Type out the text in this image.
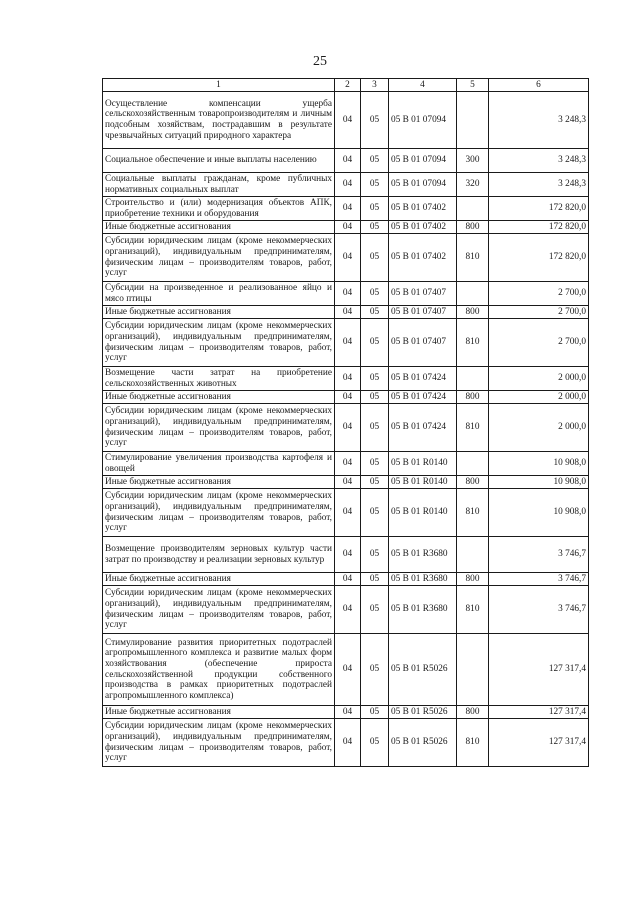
25
1	2	3	4	5	6
Осуществление компенсации ущерба сельскохозяйственным товаропроизводителям и личным подсобным хозяйствам, пострадавшим в результате чрезвычайных ситуаций природного характера	04	05	05 В 01 07094		3 248,3
Социальное обеспечение и иные выплаты населению	04	05	05 В 01 07094	300	3 248,3
Социальные выплаты гражданам, кроме публичных нормативных социальных выплат	04	05	05 В 01 07094	320	3 248,3
Строительство и (или) модернизация объектов АПК, приобретение техники и оборудования	04	05	05 В 01 07402		172 820,0
Иные бюджетные ассигнования	04	05	05 В 01 07402	800	172 820,0
Субсидии юридическим лицам (кроме некоммерческих организаций), индивидуальным предпринимателям, физическим лицам – производителям товаров, работ, услуг	04	05	05 В 01 07402	810	172 820,0
Субсидии на произведенное и реализованное яйцо и мясо птицы	04	05	05 В 01 07407		2 700,0
Иные бюджетные ассигнования	04	05	05 В 01 07407	800	2 700,0
Субсидии юридическим лицам (кроме некоммерческих организаций), индивидуальным предпринимателям, физическим лицам – производителям товаров, работ, услуг	04	05	05 В 01 07407	810	2 700,0
Возмещение части затрат на приобретение сельскохозяйственных животных	04	05	05 В 01 07424		2 000,0
Иные бюджетные ассигнования	04	05	05 В 01 07424	800	2 000,0
Субсидии юридическим лицам (кроме некоммерческих организаций), индивидуальным предпринимателям, физическим лицам – производителям товаров, работ, услуг	04	05	05 В 01 07424	810	2 000,0
Стимулирование увеличения производства картофеля и овощей	04	05	05 В 01 R0140		10 908,0
Иные бюджетные ассигнования	04	05	05 В 01 R0140	800	10 908,0
Субсидии юридическим лицам (кроме некоммерческих организаций), индивидуальным предпринимателям, физическим лицам – производителям товаров, работ, услуг	04	05	05 В 01 R0140	810	10 908,0
Возмещение производителям зерновых культур части затрат по производству и реализации зерновых культур	04	05	05 В 01 R3680		3 746,7
Иные бюджетные ассигнования	04	05	05 В 01 R3680	800	3 746,7
Субсидии юридическим лицам (кроме некоммерческих организаций), индивидуальным предпринимателям, физическим лицам – производителям товаров, работ, услуг	04	05	05 В 01 R3680	810	3 746,7
Стимулирование развития приоритетных подотраслей агропромышленного комплекса и развитие малых форм хозяйствования (обеспечение прироста сельскохозяйственной продукции собственного производства в рамках приоритетных подотраслей агропромышленного комплекса)	04	05	05 В 01 R5026		127 317,4
Иные бюджетные ассигнования	04	05	05 В 01 R5026	800	127 317,4
Субсидии юридическим лицам (кроме некоммерческих организаций), индивидуальным предпринимателям, физическим лицам – производителям товаров, работ, услуг	04	05	05 В 01 R5026	810	127 317,4
